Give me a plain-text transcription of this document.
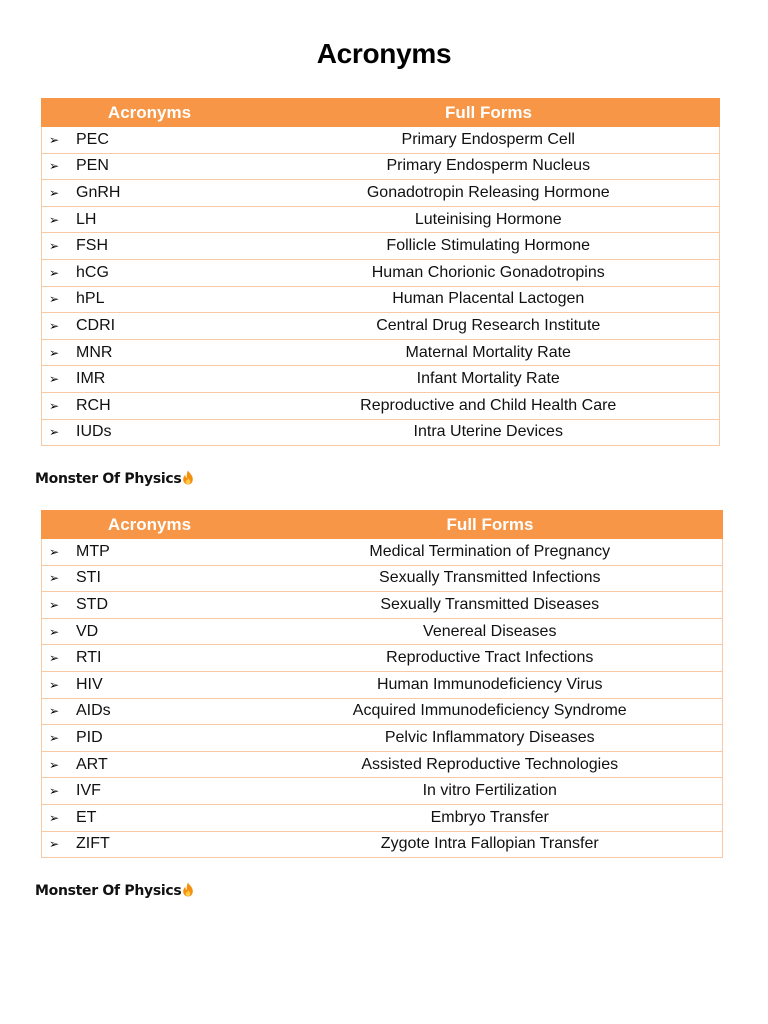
Acronyms
Acronyms	Full Forms
➢ PEC	Primary Endosperm Cell
➢ PEN	Primary Endosperm Nucleus
➢ GnRH	Gonadotropin Releasing Hormone
➢ LH	Luteinising Hormone
➢ FSH	Follicle Stimulating Hormone
➢ hCG	Human Chorionic Gonadotropins
➢ hPL	Human Placental Lactogen
➢ CDRI	Central Drug Research Institute
➢ MNR	Maternal Mortality Rate
➢ IMR	Infant Mortality Rate
➢ RCH	Reproductive and Child Health Care
➢ IUDs	Intra Uterine Devices
Monster Of Physics
Acronyms	Full Forms
➢ MTP	Medical Termination of Pregnancy
➢ STI	Sexually Transmitted Infections
➢ STD	Sexually Transmitted Diseases
➢ VD	Venereal Diseases
➢ RTI	Reproductive Tract Infections
➢ HIV	Human Immunodeficiency Virus
➢ AIDs	Acquired Immunodeficiency Syndrome
➢ PID	Pelvic Inflammatory Diseases
➢ ART	Assisted Reproductive Technologies
➢ IVF	In vitro Fertilization
➢ ET	Embryo Transfer
➢ ZIFT	Zygote Intra Fallopian Transfer
Monster Of Physics
